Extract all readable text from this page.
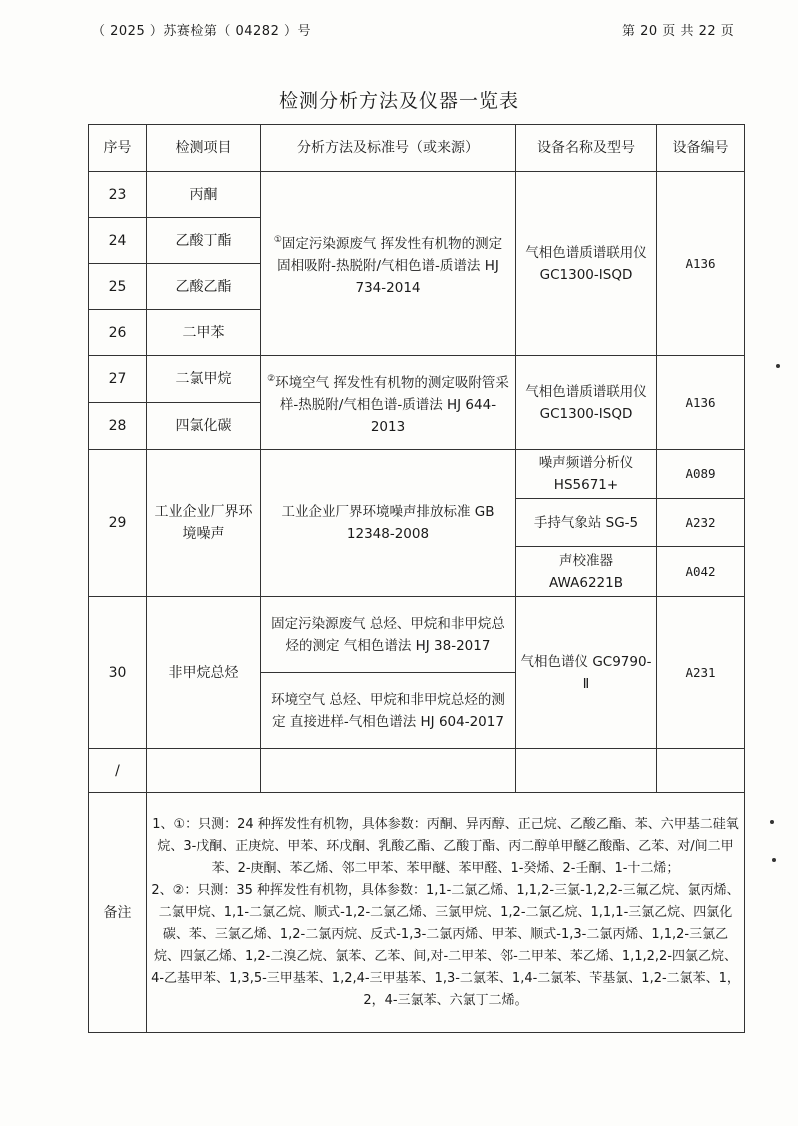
（ 2025 ）苏赛检第（ 04282 ）号	第 20 页 共 22 页
检测分析方法及仪器一览表
序号	检测项目	分析方法及标准号（或来源）	设备名称及型号	设备编号
23	丙酮	①固定污染源废气 挥发性有机物的测定 固相吸附-热脱附/气相色谱-质谱法 HJ 734-2014	气相色谱质谱联用仪 GC1300-ISQD	A136
24	乙酸丁酯			
25	乙酸乙酯			
26	二甲苯			
27	二氯甲烷	②环境空气 挥发性有机物的测定吸附管采样-热脱附/气相色谱-质谱法 HJ 644-2013	气相色谱质谱联用仪 GC1300-ISQD	A136
28	四氯化碳			
29	工业企业厂界环境噪声	工业企业厂界环境噪声排放标准 GB 12348-2008	噪声频谱分析仪 HS5671+	A089
			手持气象站 SG-5	A232
			声校准器 AWA6221B	A042
30	非甲烷总烃	固定污染源废气 总烃、甲烷和非甲烷总烃的测定 气相色谱法 HJ 38-2017	气相色谱仪 GC9790-Ⅱ	A231
		环境空气 总烃、甲烷和非甲烷总烃的测定 直接进样-气相色谱法 HJ 604-2017		
/				
备注	1、①：只测：24 种挥发性有机物，具体参数：丙酮、异丙醇、正己烷、乙酸乙酯、苯、六甲基二硅氧烷、3-戊酮、正庚烷、甲苯、环戊酮、乳酸乙酯、乙酸丁酯、丙二醇单甲醚乙酸酯、乙苯、对/间二甲苯、2-庚酮、苯乙烯、邻二甲苯、苯甲醚、苯甲醛、1-癸烯、2-壬酮、1-十二烯；
2、②：只测：35 种挥发性有机物，具体参数：1,1-二氯乙烯、1,1,2-三氯-1,2,2-三氟乙烷、氯丙烯、二氯甲烷、1,1-二氯乙烷、顺式-1,2-二氯乙烯、三氯甲烷、1,2-二氯乙烷、1,1,1-三氯乙烷、四氯化碳、苯、三氯乙烯、1,2-二氯丙烷、反式-1,3-二氯丙烯、甲苯、顺式-1,3-二氯丙烯、1,1,2-三氯乙烷、四氯乙烯、1,2-二溴乙烷、氯苯、乙苯、间,对-二甲苯、邻-二甲苯、苯乙烯、1,1,2,2-四氯乙烷、4-乙基甲苯、1,3,5-三甲基苯、1,2,4-三甲基苯、1,3-二氯苯、1,4-二氯苯、苄基氯、1,2-二氯苯、1，2，4-三氯苯、六氯丁二烯。			
